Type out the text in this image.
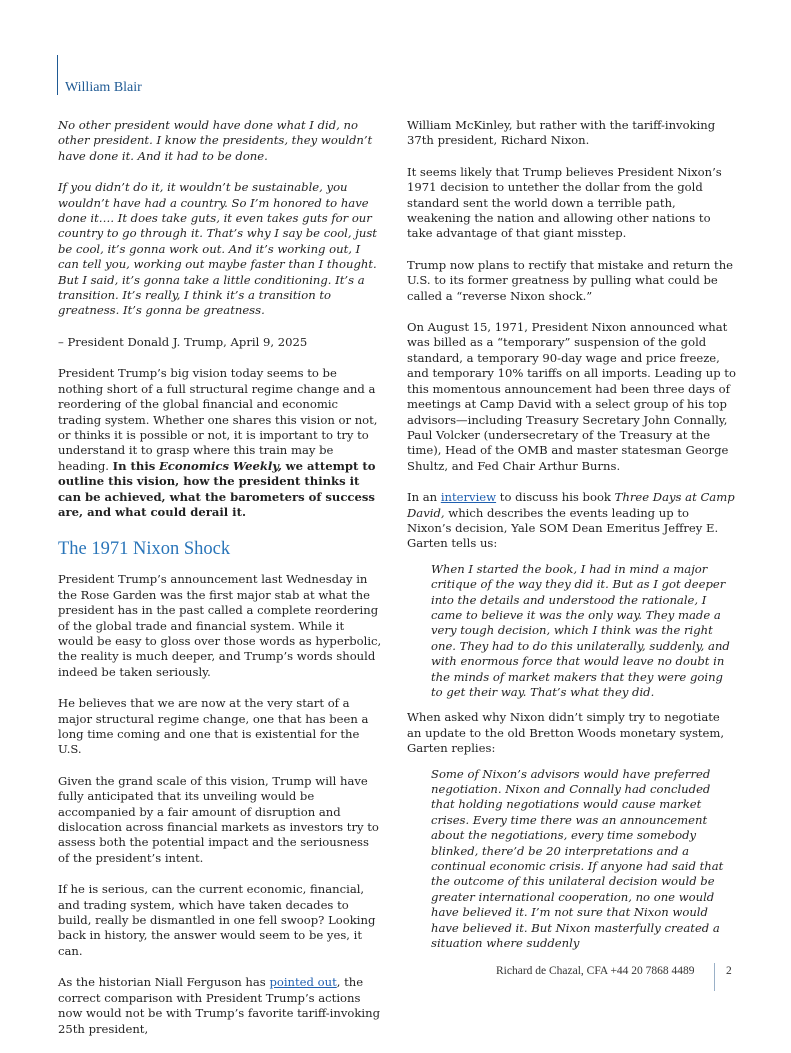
William Blair

No other president would have done what I did, no other president. I know the presidents, they wouldn’t have done it. And it had to be done.

If you didn’t do it, it wouldn’t be sustainable, you wouldn’t have had a country. So I’m honored to have done it…. It does take guts, it even takes guts for our country to go through it. That’s why I say be cool, just be cool, it’s gonna work out. And it’s working out, I can tell you, working out maybe faster than I thought. But I said, it’s gonna take a little conditioning. It’s a transition. It’s really, I think it’s a transition to greatness. It’s gonna be greatness.

– President Donald J. Trump, April 9, 2025

President Trump’s big vision today seems to be nothing short of a full structural regime change and a reordering of the global financial and economic trading system. Whether one shares this vision or not, or thinks it is possible or not, it is important to try to understand it to grasp where this train may be heading. In this Economics Weekly, we attempt to outline this vision, how the president thinks it can be achieved, what the barometers of success are, and what could derail it.

The 1971 Nixon Shock

President Trump’s announcement last Wednesday in the Rose Garden was the first major stab at what the president has in the past called a complete reordering of the global trade and financial system. While it would be easy to gloss over those words as hyperbolic, the reality is much deeper, and Trump’s words should indeed be taken seriously.

He believes that we are now at the very start of a major structural regime change, one that has been a long time coming and one that is existential for the U.S.

Given the grand scale of this vision, Trump will have fully anticipated that its unveiling would be accompanied by a fair amount of disruption and dislocation across financial markets as investors try to assess both the potential impact and the seriousness of the president’s intent.

If he is serious, can the current economic, financial, and trading system, which have taken decades to build, really be dismantled in one fell swoop? Looking back in history, the answer would seem to be yes, it can.

As the historian Niall Ferguson has pointed out, the correct comparison with President Trump’s actions now would not be with Trump’s favorite tariff-invoking 25th president,

William McKinley, but rather with the tariff-invoking 37th president, Richard Nixon.

It seems likely that Trump believes President Nixon’s 1971 decision to untether the dollar from the gold standard sent the world down a terrible path, weakening the nation and allowing other nations to take advantage of that giant misstep.

Trump now plans to rectify that mistake and return the U.S. to its former greatness by pulling what could be called a “reverse Nixon shock.”

On August 15, 1971, President Nixon announced what was billed as a “temporary” suspension of the gold standard, a temporary 90-day wage and price freeze, and temporary 10% tariffs on all imports. Leading up to this momentous announcement had been three days of meetings at Camp David with a select group of his top advisors—including Treasury Secretary John Connally, Paul Volcker (undersecretary of the Treasury at the time), Head of the OMB and master statesman George Shultz, and Fed Chair Arthur Burns.

In an interview to discuss his book Three Days at Camp David, which describes the events leading up to Nixon’s decision, Yale SOM Dean Emeritus Jeffrey E. Garten tells us:

When I started the book, I had in mind a major critique of the way they did it. But as I got deeper into the details and understood the rationale, I came to believe it was the only way. They made a very tough decision, which I think was the right one. They had to do this unilaterally, suddenly, and with enormous force that would leave no doubt in the minds of market makers that they were going to get their way. That’s what they did.

When asked why Nixon didn’t simply try to negotiate an update to the old Bretton Woods monetary system, Garten replies:

Some of Nixon’s advisors would have preferred negotiation. Nixon and Connally had concluded that holding negotiations would cause market crises. Every time there was an announcement about the negotiations, every time somebody blinked, there’d be 20 interpretations and a continual economic crisis. If anyone had said that the outcome of this unilateral decision would be greater international cooperation, no one would have believed it. I’m not sure that Nixon would have believed it. But Nixon masterfully created a situation where suddenly

Richard de Chazal, CFA +44 20 7868 4489	2
